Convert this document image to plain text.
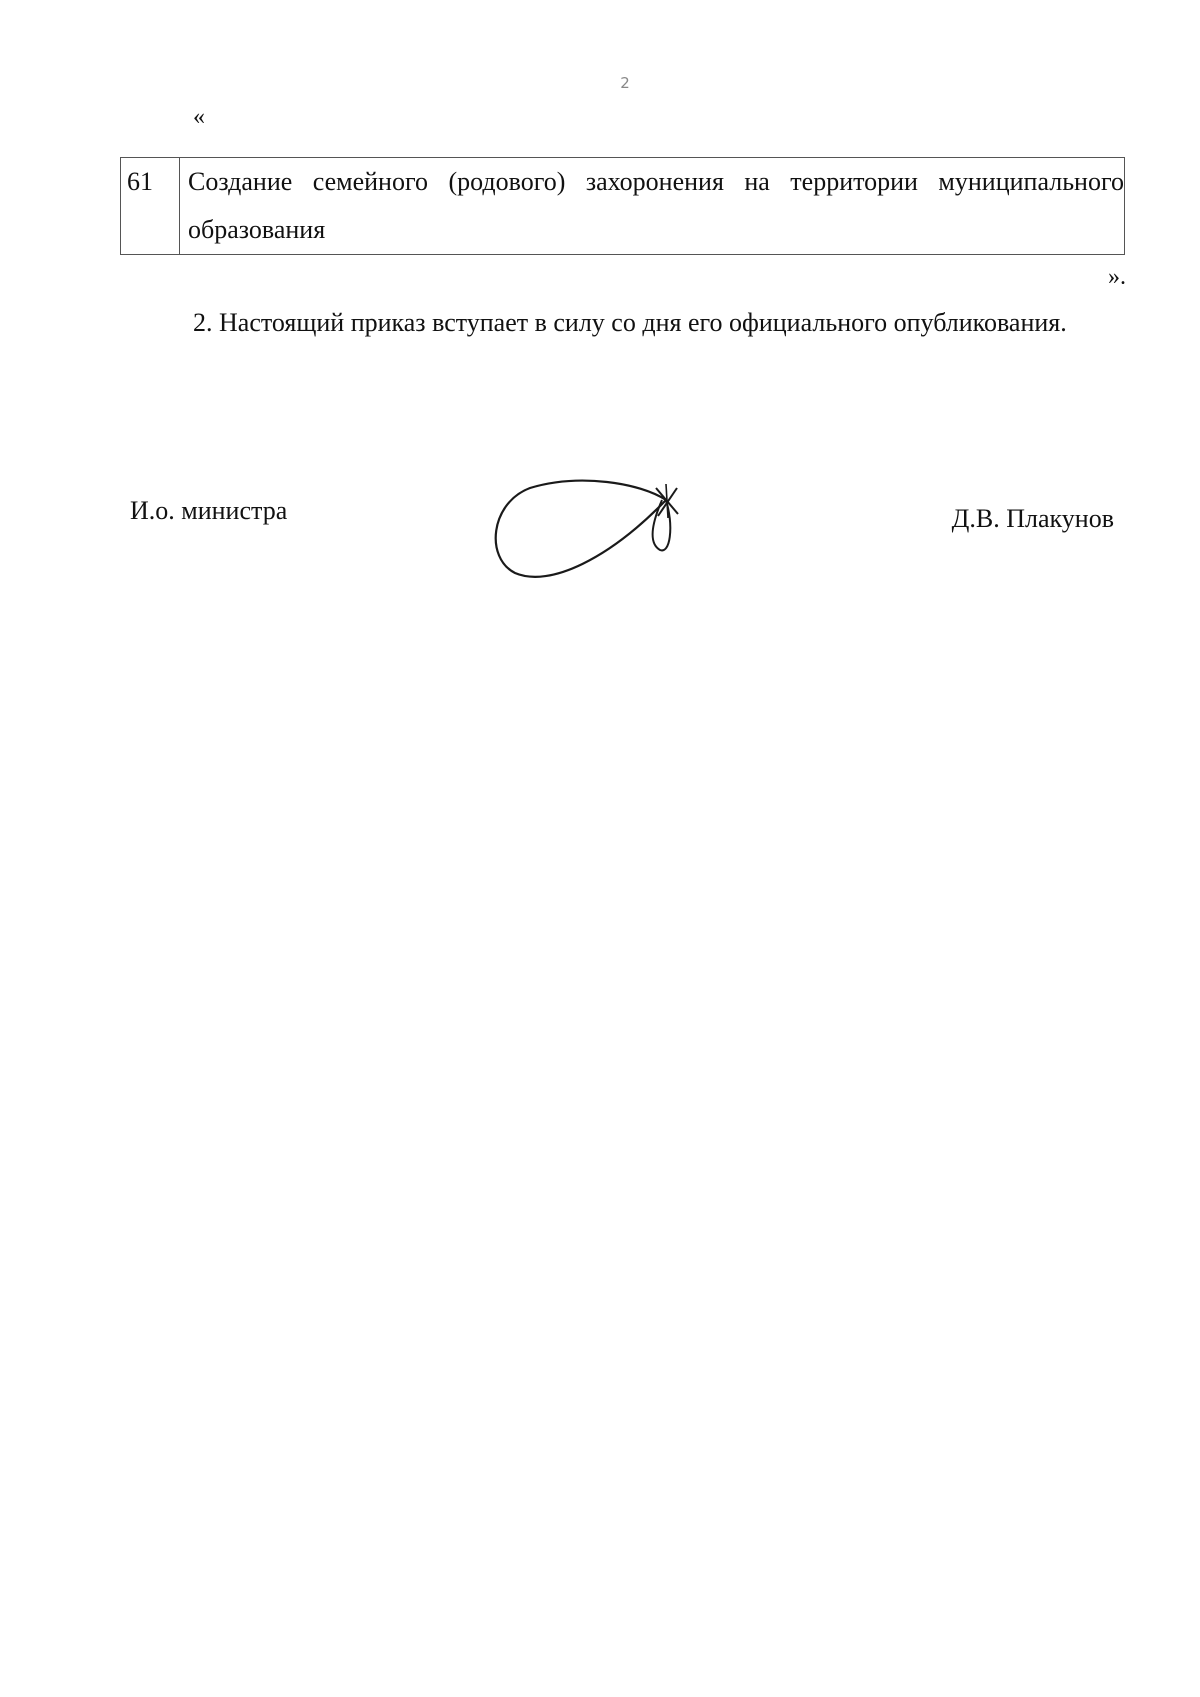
2
«
61	Создание семейного (родового) захоронения на территории муниципального образования
».

2. Настоящий приказ вступает в силу со дня его официального опубликования.

И.о. министра	Д.В. Плакунов
